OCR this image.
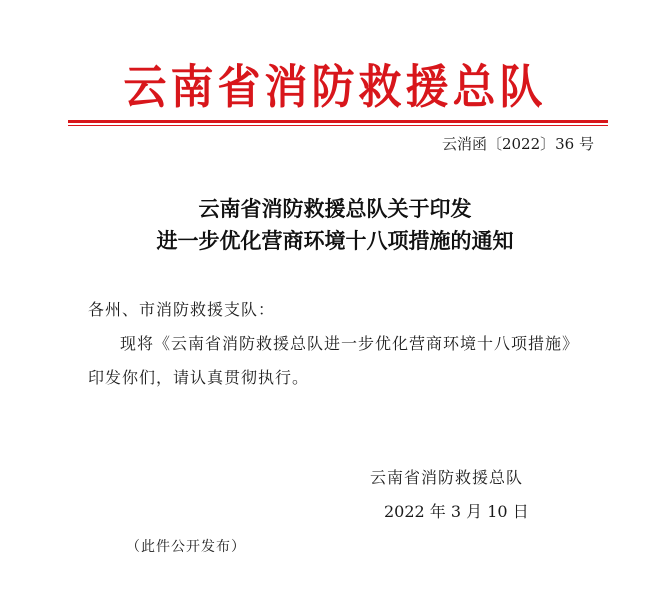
云南省消防救援总队
云消函〔2022〕36 号
云南省消防救援总队关于印发
进一步优化营商环境十八项措施的通知
各州、市消防救援支队：
现将《云南省消防救援总队进一步优化营商环境十八项措施》
印发你们，请认真贯彻执行。
云南省消防救援总队
2022 年 3 月 10 日
（此件公开发布）
